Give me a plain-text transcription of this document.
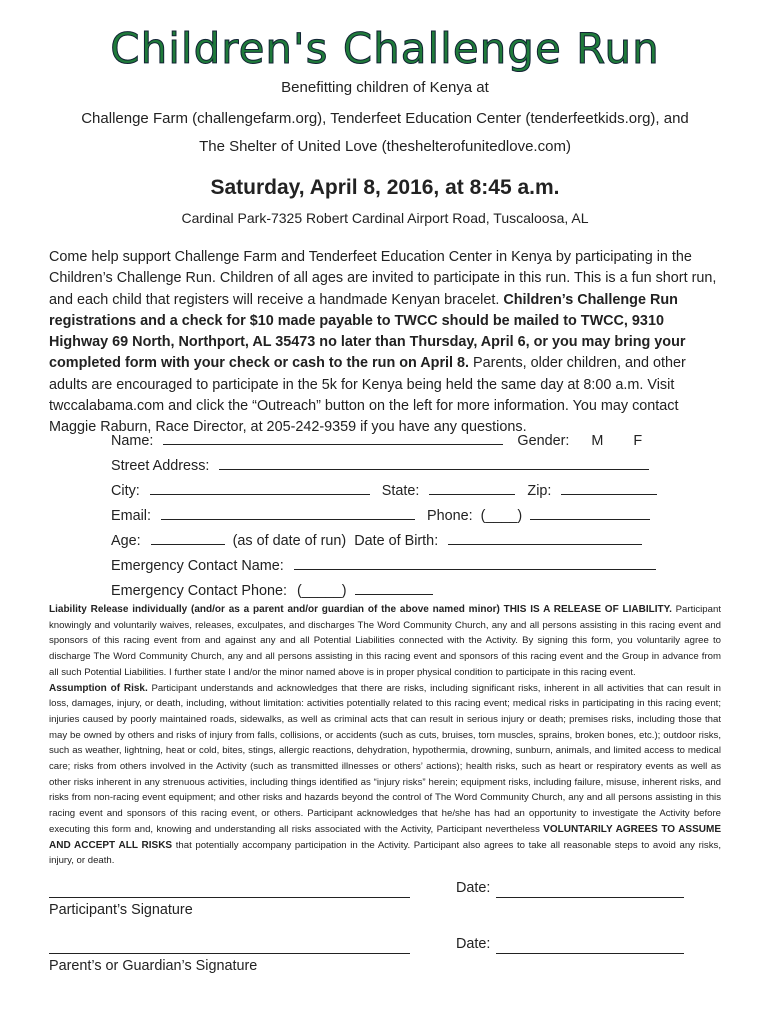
Children's Challenge Run
Benefitting children of Kenya at
Challenge Farm (challengefarm.org), Tenderfeet Education Center (tenderfeetkids.org), and
The Shelter of United Love (theshelterofunitedlove.com)
Saturday, April 8, 2016, at 8:45 a.m.
Cardinal Park-7325 Robert Cardinal Airport Road, Tuscaloosa, AL
Come help support Challenge Farm and Tenderfeet Education Center in Kenya by participating in the Children’s Challenge Run. Children of all ages are invited to participate in this run. This is a fun short run, and each child that registers will receive a handmade Kenyan bracelet. Children’s Challenge Run registrations and a check for $10 made payable to TWCC should be mailed to TWCC, 9310 Highway 69 North, Northport, AL 35473 no later than Thursday, April 6, or you may bring your completed form with your check or cash to the run on April 8. Parents, older children, and other adults are encouraged to participate in the 5k for Kenya being held the same day at 8:00 a.m. Visit twccalabama.com and click the “Outreach” button on the left for more information. You may contact Maggie Raburn, Race Director, at 205-242-9359 if you have any questions.
Name:	Gender: M F
Street Address:
City:	State:	Zip:
Email:	Phone: (____)
Age:	(as of date of run) Date of Birth:
Emergency Contact Name:
Emergency Contact Phone: (_____)
Liability Release individually (and/or as a parent and/or guardian of the above named minor) THIS IS A RELEASE OF LIABILITY. Participant knowingly and voluntarily waives, releases, exculpates, and discharges The Word Community Church, any and all persons assisting in this racing event and sponsors of this racing event from and against any and all Potential Liabilities connected with the Activity. By signing this form, you voluntarily agree to discharge The Word Community Church, any and all persons assisting in this racing event and sponsors of this racing event and the Group in advance from all such Potential Liabilities. I further state I and/or the minor named above is in proper physical condition to participate in this racing event.
Assumption of Risk. Participant understands and acknowledges that there are risks, including significant risks, inherent in all activities that can result in loss, damages, injury, or death, including, without limitation: activities potentially related to this racing event; medical risks in participating in this racing event; injuries caused by poorly maintained roads, sidewalks, as well as criminal acts that can result in serious injury or death; premises risks, including those that may be owned by others and risks of injury from falls, collisions, or accidents (such as cuts, bruises, torn muscles, sprains, broken bones, etc.); outdoor risks, such as weather, lightning, heat or cold, bites, stings, allergic reactions, dehydration, hypothermia, drowning, sunburn, animals, and limited access to medical care; risks from others involved in the Activity (such as transmitted illnesses or others’ actions); health risks, such as heart or respiratory events as well as other risks inherent in any strenuous activities, including things identified as “injury risks” herein; equipment risks, including failure, misuse, inherent risks, and risks from non-racing event equipment; and other risks and hazards beyond the control of The Word Community Church, any and all persons assisting in this racing event and sponsors of this racing event, or others. Participant acknowledges that he/she has had an opportunity to investigate the Activity before executing this form and, knowing and understanding all risks associated with the Activity, Participant nevertheless VOLUNTARILY AGREES TO ASSUME AND ACCEPT ALL RISKS that potentially accompany participation in the Activity. Participant also agrees to take all reasonable steps to avoid any risks, injury, or death.
Participant’s Signature
Date:
Parent’s or Guardian’s Signature
Date:
